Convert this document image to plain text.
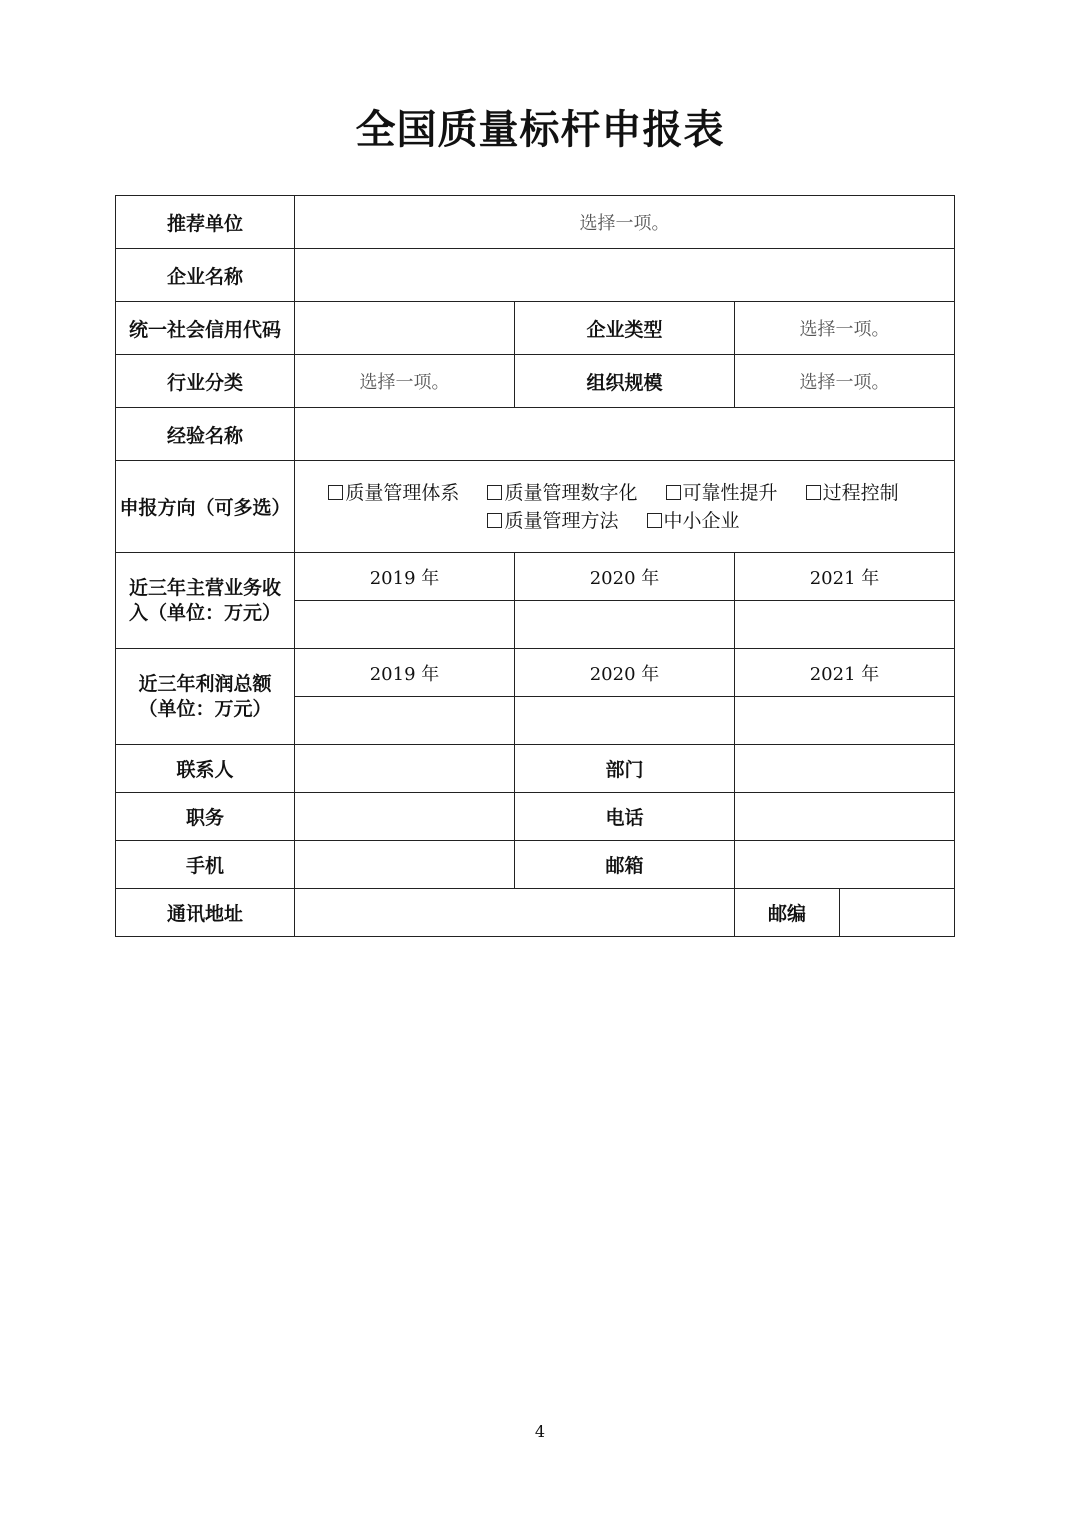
全国质量标杆申报表
推荐单位	选择一项。			
企业名称				
统一社会信用代码		企业类型	选择一项。	
行业分类	选择一项。	组织规模	选择一项。	
经验名称				
申报方向（可多选）	质量管理体系 质量管理数字化 可靠性提升 过程控制
质量管理方法 中小企业			
近三年主营业务收入（单位：万元）	2019 年	2020 年	2021 年	

近三年利润总额
（单位：万元）	2019 年	2020 年	2021 年	

联系人		部门		
职务		电话		
手机		邮箱		
通讯地址			邮编	
4
